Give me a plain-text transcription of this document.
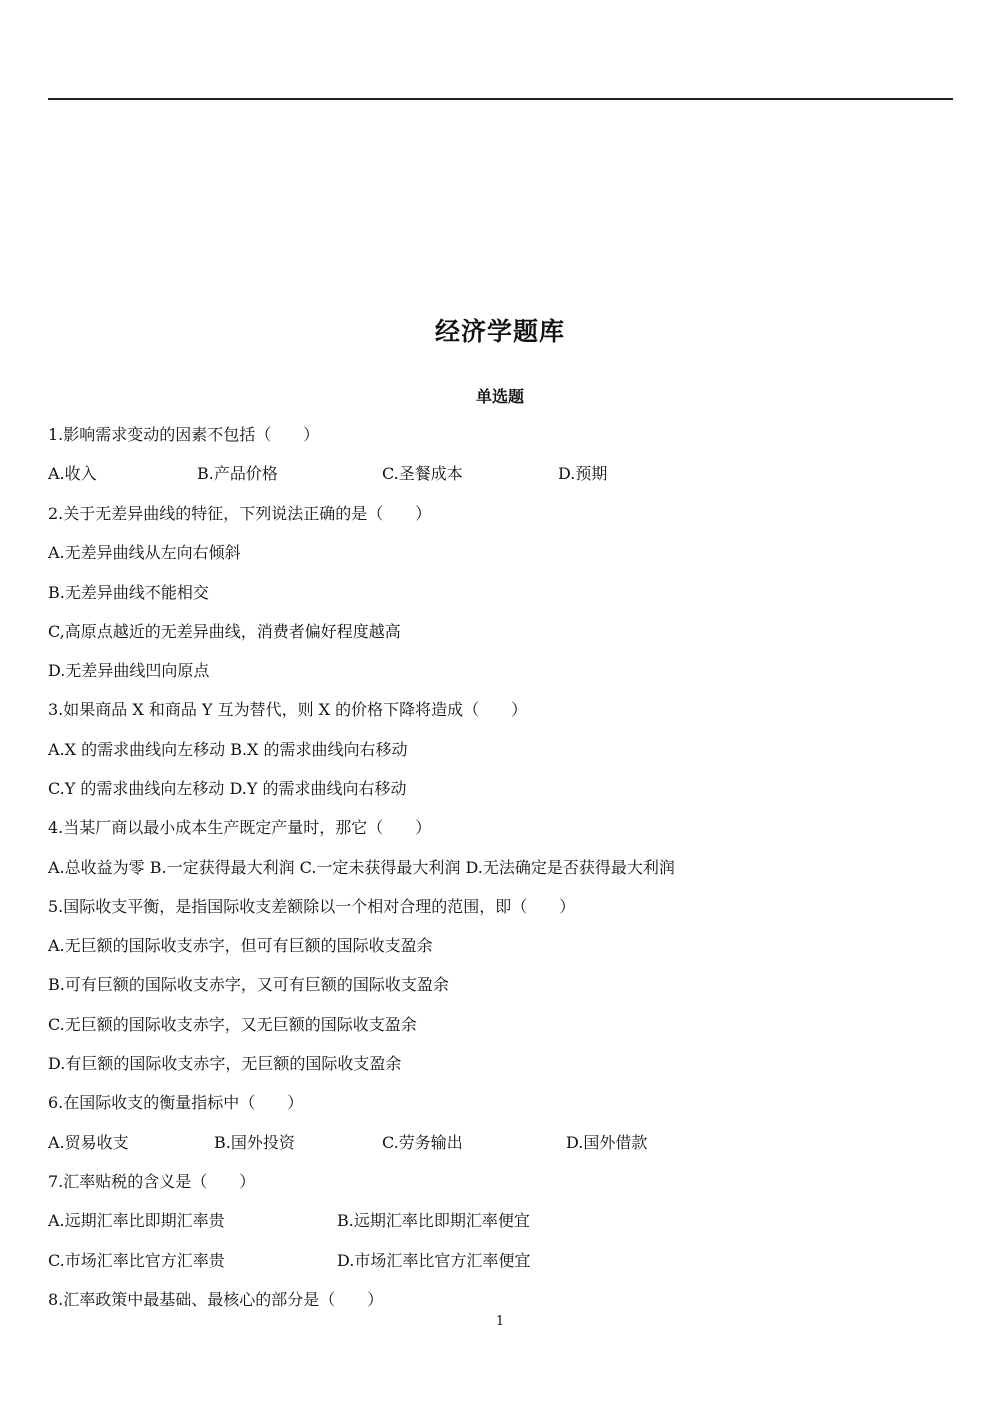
经济学题库
单选题
1.影响需求变动的因素不包括（　　）
A.收入	B.产品价格	C.圣餐成本	D.预期
2.关于无差异曲线的特征，下列说法正确的是（　　）
A.无差异曲线从左向右倾斜
B.无差异曲线不能相交
C,高原点越近的无差异曲线，消费者偏好程度越高
D.无差异曲线凹向原点
3.如果商品 X 和商品 Y 互为替代，则 X 的价格下降将造成（　　）
A.X 的需求曲线向左移动 B.X 的需求曲线向右移动
C.Y 的需求曲线向左移动 D.Y 的需求曲线向右移动
4.当某厂商以最小成本生产既定产量时，那它（　　）
A.总收益为零 B.一定获得最大利润 C.一定未获得最大利润 D.无法确定是否获得最大利润
5.国际收支平衡，是指国际收支差额除以一个相对合理的范围，即（　　）
A.无巨额的国际收支赤字，但可有巨额的国际收支盈余
B.可有巨额的国际收支赤字，又可有巨额的国际收支盈余
C.无巨额的国际收支赤字，又无巨额的国际收支盈余
D.有巨额的国际收支赤字，无巨额的国际收支盈余
6.在国际收支的衡量指标中（　　）
A.贸易收支	B.国外投资	C.劳务输出	D.国外借款
7.汇率贴税的含义是（　　）
A.远期汇率比即期汇率贵	B.远期汇率比即期汇率便宜
C.市场汇率比官方汇率贵	D.市场汇率比官方汇率便宜
8.汇率政策中最基础、最核心的部分是（　　）
1
